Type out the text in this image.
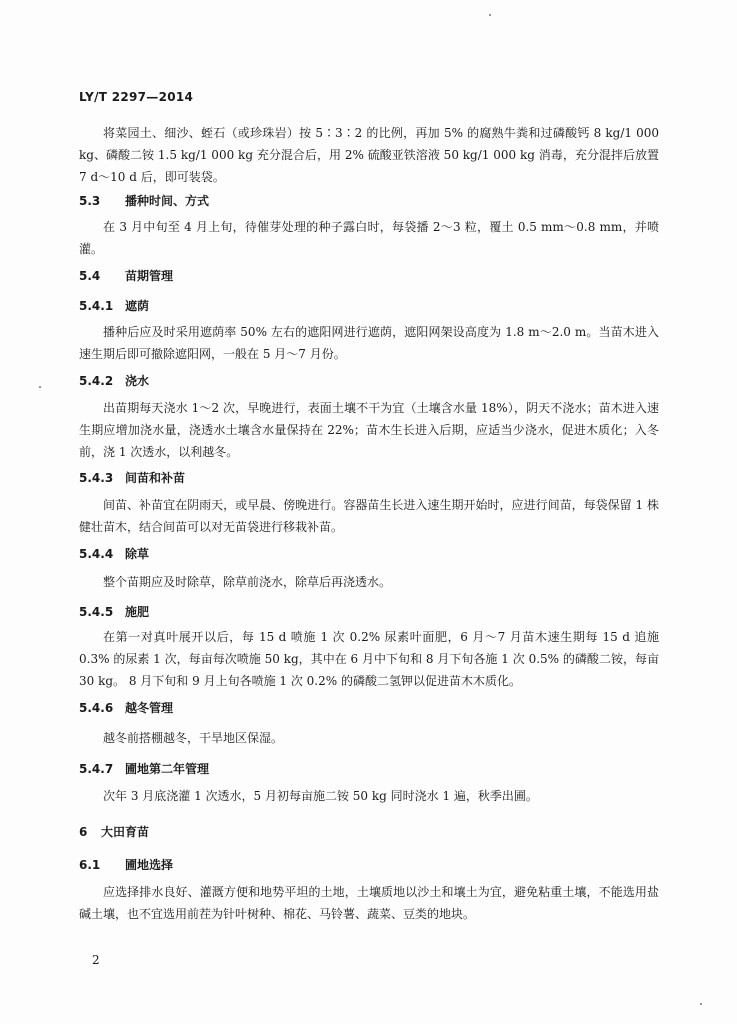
LY/T 2297—2014
将菜园土、细沙、蛭石（或珍珠岩）按 5∶3∶2 的比例，再加 5% 的腐熟牛粪和过磷酸钙 8 kg/1 000 kg、磷酸二铵 1.5 kg/1 000 kg 充分混合后，用 2% 硫酸亚铁溶液 50 kg/1 000 kg 消毒，充分混拌后放置 7 d～10 d 后，即可装袋。
5.3 播种时间、方式
在 3 月中旬至 4 月上旬，待催芽处理的种子露白时，每袋播 2～3 粒，覆土 0.5 mm～0.8 mm，并喷灌。
5.4 苗期管理
5.4.1 遮荫
播种后应及时采用遮荫率 50% 左右的遮阳网进行遮荫，遮阳网架设高度为 1.8 m～2.0 m。当苗木进入速生期后即可撤除遮阳网，一般在 5 月～7 月份。
5.4.2 浇水
出苗期每天浇水 1～2 次，早晚进行，表面土壤不干为宜（土壤含水量 18%），阴天不浇水；苗木进入速生期应增加浇水量，浇透水土壤含水量保持在 22%；苗木生长进入后期，应适当少浇水，促进木质化；入冬前，浇 1 次透水，以利越冬。
5.4.3 间苗和补苗
间苗、补苗宜在阴雨天，或早晨、傍晚进行。容器苗生长进入速生期开始时，应进行间苗，每袋保留 1 株健壮苗木，结合间苗可以对无苗袋进行移栽补苗。
5.4.4 除草
整个苗期应及时除草，除草前浇水，除草后再浇透水。
5.4.5 施肥
在第一对真叶展开以后，每 15 d 喷施 1 次 0.2% 尿素叶面肥，6 月～7 月苗木速生期每 15 d 追施 0.3% 的尿素 1 次，每亩每次喷施 50 kg，其中在 6 月中下旬和 8 月下旬各施 1 次 0.5% 的磷酸二铵，每亩 30 kg。 8 月下旬和 9 月上旬各喷施 1 次 0.2% 的磷酸二氢钾以促进苗木木质化。
5.4.6 越冬管理
越冬前搭棚越冬，干旱地区保湿。
5.4.7 圃地第二年管理
次年 3 月底浇灌 1 次透水，5 月初每亩施二铵 50 kg 同时浇水 1 遍，秋季出圃。
6 大田育苗
6.1 圃地选择
应选择排水良好、灌溉方便和地势平坦的土地，土壤质地以沙土和壤土为宜，避免粘重土壤，不能选用盐碱土壤，也不宜选用前茬为针叶树种、棉花、马铃薯、蔬菜、豆类的地块。
2
